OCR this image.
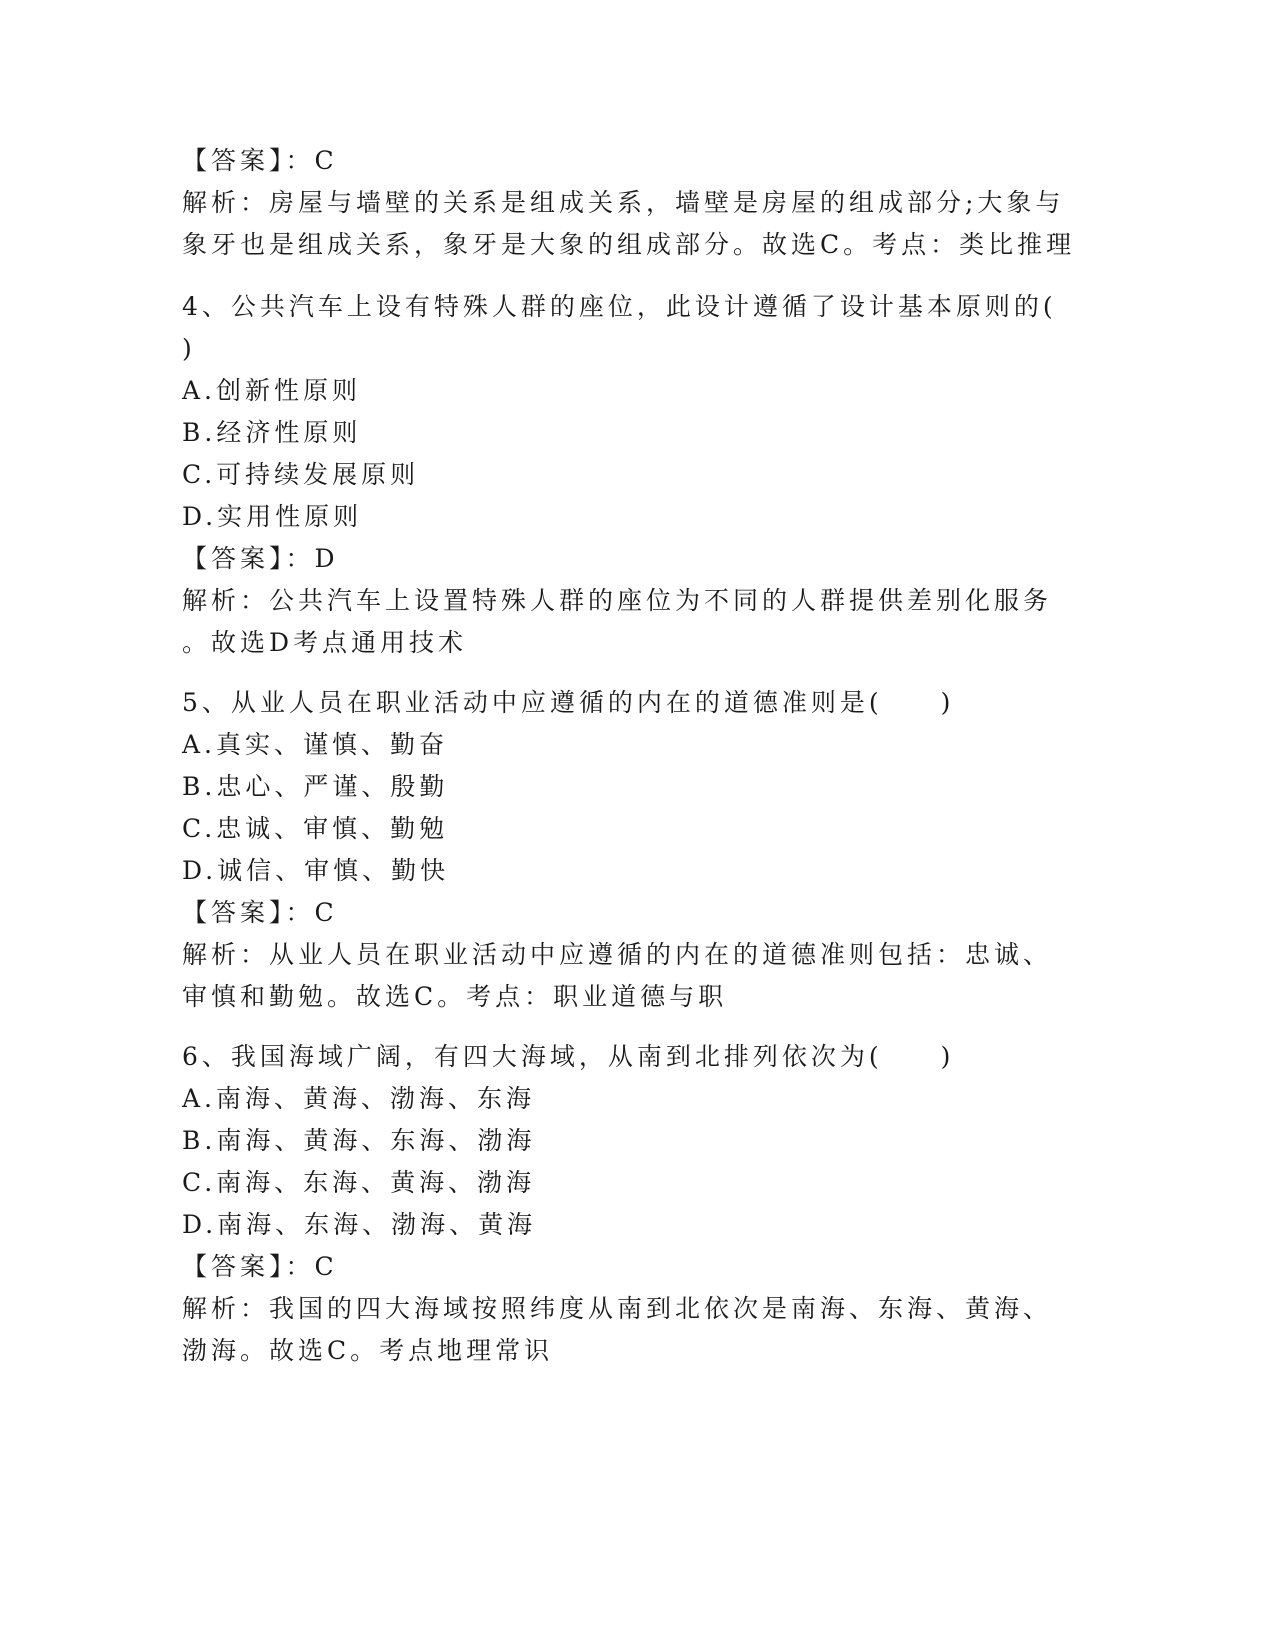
【答案】：C
解析：房屋与墙壁的关系是组成关系，墙壁是房屋的组成部分;大象与
象牙也是组成关系，象牙是大象的组成部分。故选C。考点：类比推理
4、公共汽车上设有特殊人群的座位，此设计遵循了设计基本原则的(
)
A.创新性原则
B.经济性原则
C.可持续发展原则
D.实用性原则
【答案】：D
解析：公共汽车上设置特殊人群的座位为不同的人群提供差别化服务
。故选D考点通用技术
5、从业人员在职业活动中应遵循的内在的道德准则是(　　)
A.真实、谨慎、勤奋
B.忠心、严谨、殷勤
C.忠诚、审慎、勤勉
D.诚信、审慎、勤快
【答案】：C
解析：从业人员在职业活动中应遵循的内在的道德准则包括：忠诚、
审慎和勤勉。故选C。考点：职业道德与职
6、我国海域广阔，有四大海域，从南到北排列依次为(　　)
A.南海、黄海、渤海、东海
B.南海、黄海、东海、渤海
C.南海、东海、黄海、渤海
D.南海、东海、渤海、黄海
【答案】：C
解析：我国的四大海域按照纬度从南到北依次是南海、东海、黄海、
渤海。故选C。考点地理常识
